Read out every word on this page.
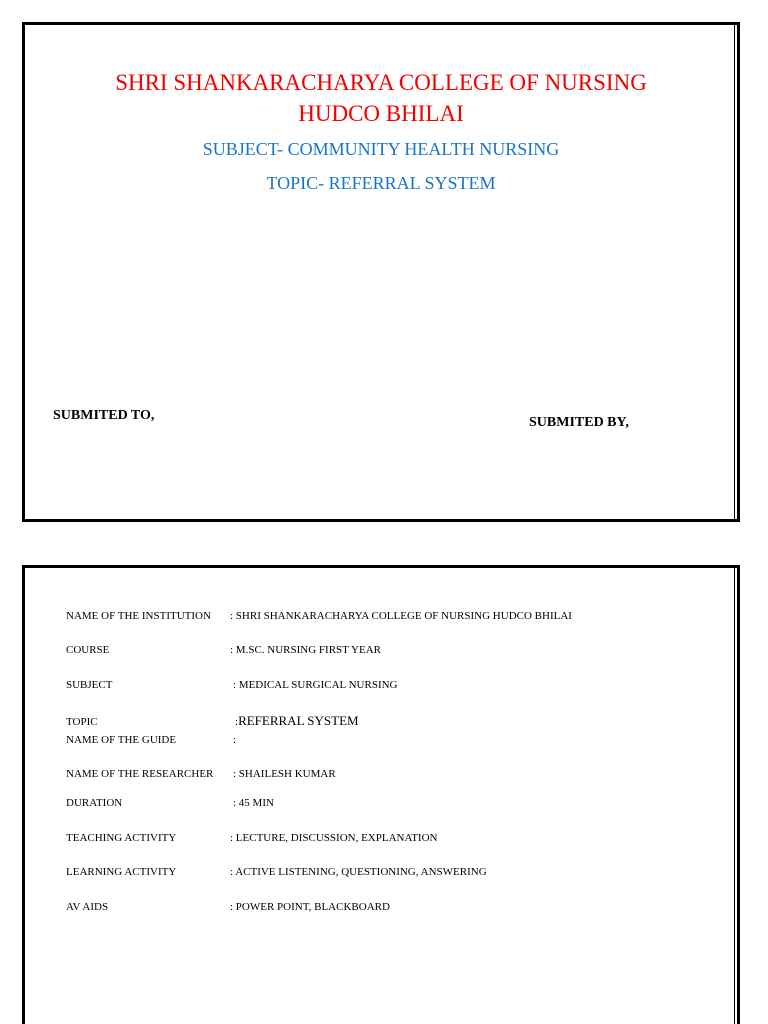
SHRI SHANKARACHARYA COLLEGE OF NURSING
HUDCO BHILAI
SUBJECT- COMMUNITY HEALTH NURSING
TOPIC- REFERRAL SYSTEM
SUBMITED TO,	SUBMITED BY,
NAME OF THE INSTITUTION : SHRI SHANKARACHARYA COLLEGE OF NURSING HUDCO BHILAI
COURSE	: M.SC. NURSING FIRST YEAR
SUBJECT	: MEDICAL SURGICAL NURSING
TOPIC	:REFERRAL SYSTEM
NAME OF THE GUIDE	:
NAME OF THE RESEARCHER : SHAILESH KUMAR
DURATION	: 45 MIN
TEACHING ACTIVITY	: LECTURE, DISCUSSION, EXPLANATION
LEARNING ACTIVITY	: ACTIVE LISTENING, QUESTIONING, ANSWERING
AV AIDS	: POWER POINT, BLACKBOARD
